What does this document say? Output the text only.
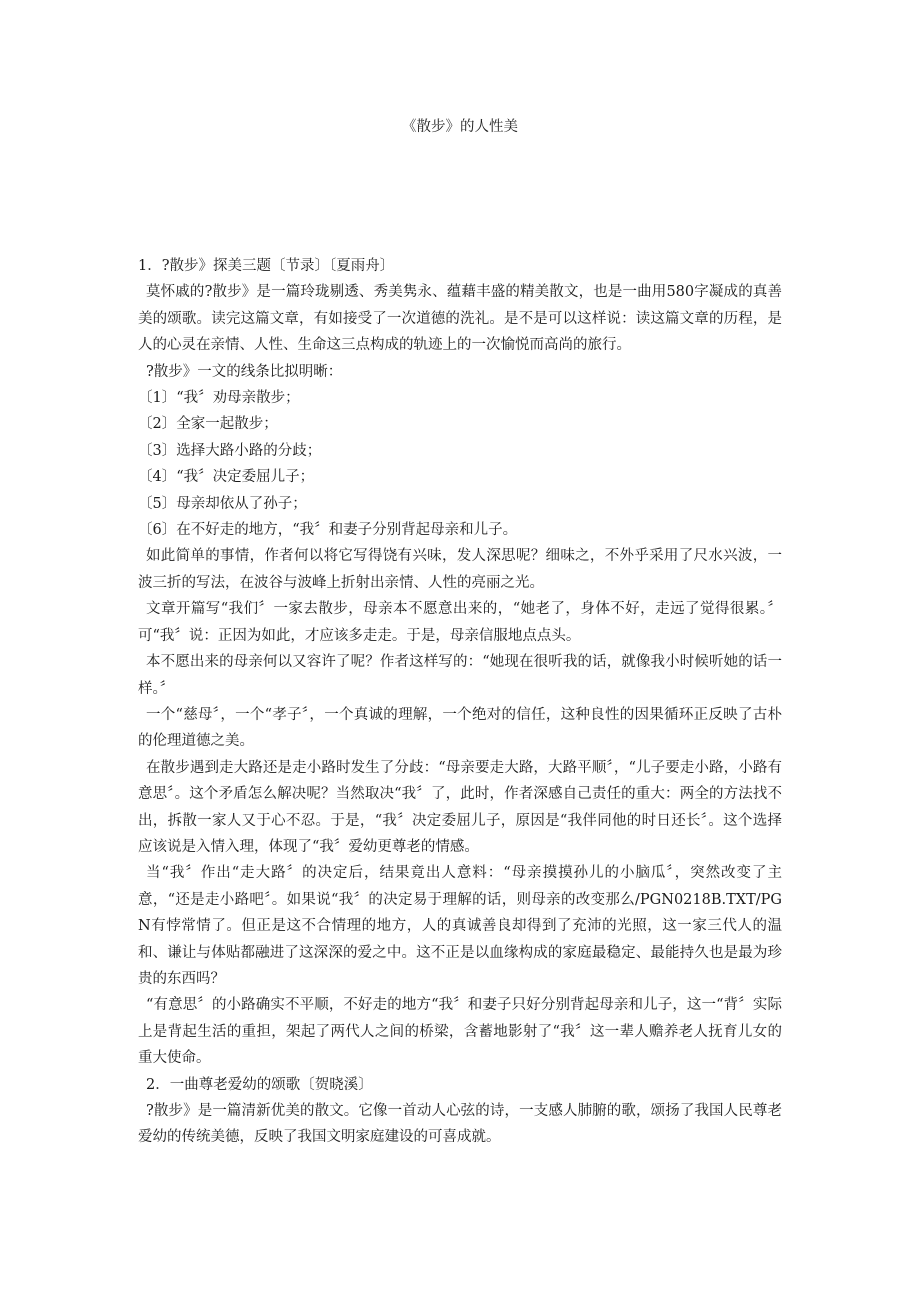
《散步》的人性美

1．?散步》探美三题〔节录〕〔夏雨舟〕

莫怀戚的?散步》是一篇玲珑剔透、秀美隽永、蕴藉丰盛的精美散文，也是一曲用580字凝成的真善美的颂歌。读完这篇文章，有如接受了一次道德的洗礼。是不是可以这样说：读这篇文章的历程，是人的心灵在亲情、人性、生命这三点构成的轨迹上的一次愉悦而高尚的旅行。

?散步》一文的线条比拟明晰：

〔1〕“我〞劝母亲散步；

〔2〕全家一起散步；

〔3〕选择大路小路的分歧；

〔4〕“我〞决定委屈儿子；

〔5〕母亲却依从了孙子；

〔6〕在不好走的地方，“我〞和妻子分别背起母亲和儿子。

如此简单的事情，作者何以将它写得饶有兴味，发人深思呢？细味之，不外乎采用了尺水兴波，一波三折的写法，在波谷与波峰上折射出亲情、人性的亮丽之光。

文章开篇写“我们〞一家去散步，母亲本不愿意出来的，“她老了，身体不好，走远了觉得很累。〞可“我〞说：正因为如此，才应该多走走。于是，母亲信服地点点头。

本不愿出来的母亲何以又容许了呢？作者这样写的：“她现在很听我的话，就像我小时候听她的话一样。〞

一个“慈母〞，一个“孝子〞，一个真诚的理解，一个绝对的信任，这种良性的因果循环正反映了古朴的伦理道德之美。

在散步遇到走大路还是走小路时发生了分歧：“母亲要走大路，大路平顺〞，“儿子要走小路，小路有意思〞。这个矛盾怎么解决呢？当然取决“我〞了，此时，作者深感自己责任的重大：两全的方法找不出，拆散一家人又于心不忍。于是，“我〞决定委屈儿子，原因是“我伴同他的时日还长〞。这个选择应该说是入情入理，体现了“我〞爱幼更尊老的情感。

当“我〞作出“走大路〞的决定后，结果竟出人意料：“母亲摸摸孙儿的小脑瓜〞，突然改变了主意，“还是走小路吧〞。如果说“我〞的决定易于理解的话，则母亲的改变那么/PGN0218B.TXT/PGN有悖常情了。但正是这不合情理的地方，人的真诚善良却得到了充沛的光照，这一家三代人的温和、谦让与体贴都融进了这深深的爱之中。这不正是以血缘构成的家庭最稳定、最能持久也是最为珍贵的东西吗？

“有意思〞的小路确实不平顺，不好走的地方“我〞和妻子只好分别背起母亲和儿子，这一“背〞实际上是背起生活的重担，架起了两代人之间的桥梁，含蓄地影射了“我〞这一辈人赡养老人抚育儿女的重大使命。

2．一曲尊老爱幼的颂歌〔贺晓溪〕

?散步》是一篇清新优美的散文。它像一首动人心弦的诗，一支感人肺腑的歌，颂扬了我国人民尊老爱幼的传统美德，反映了我国文明家庭建设的可喜成就。
